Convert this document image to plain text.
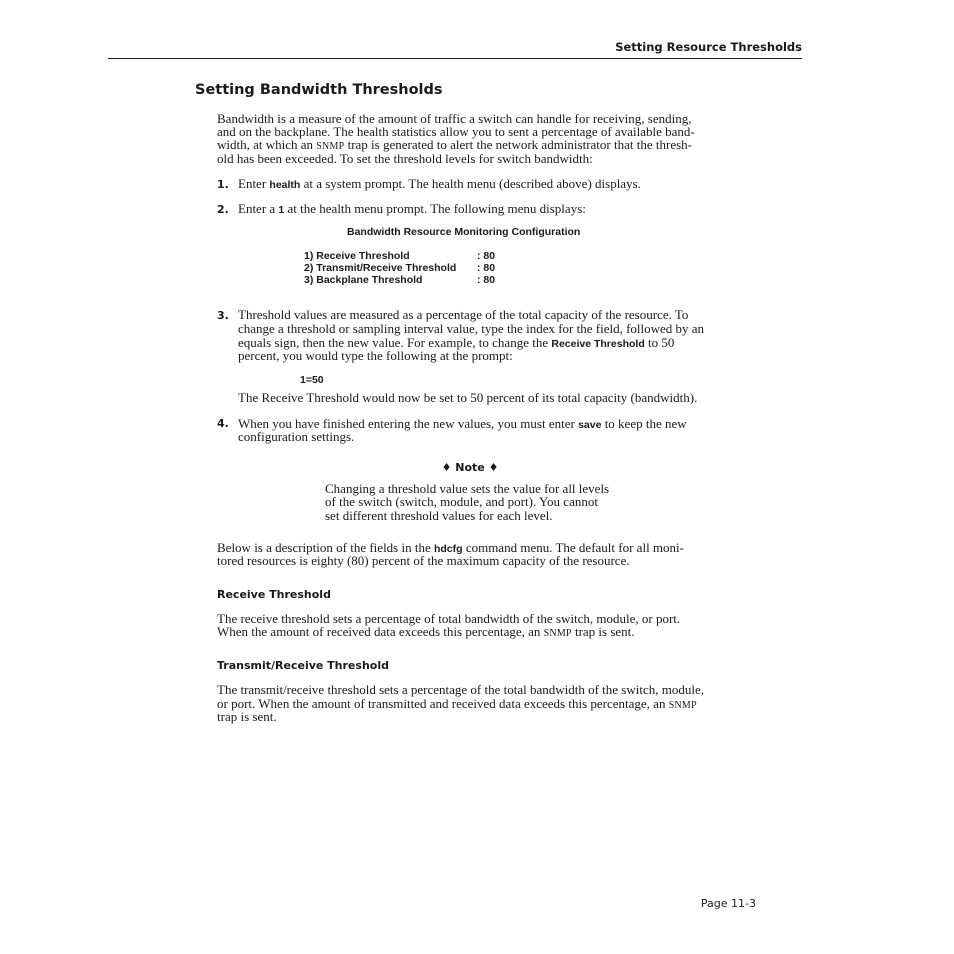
Setting Resource Thresholds
Setting Bandwidth Thresholds
Bandwidth is a measure of the amount of traffic a switch can handle for receiving, sending,
and on the backplane. The health statistics allow you to sent a percentage of available band-
width, at which an SNMP trap is generated to alert the network administrator that the thresh-
old has been exceeded. To set the threshold levels for switch bandwidth:
1. Enter health at a system prompt. The health menu (described above) displays.
2. Enter a 1 at the health menu prompt. The following menu displays:
Bandwidth Resource Monitoring Configuration
1) Receive Threshold	: 80
2) Transmit/Receive Threshold : 80
3) Backplane Threshold	: 80
3. Threshold values are measured as a percentage of the total capacity of the resource. To
change a threshold or sampling interval value, type the index for the field, followed by an
equals sign, then the new value. For example, to change the Receive Threshold to 50
percent, you would type the following at the prompt:
1=50
The Receive Threshold would now be set to 50 percent of its total capacity (bandwidth).
4. When you have finished entering the new values, you must enter save to keep the new
configuration settings.
♦ Note ♦
Changing a threshold value sets the value for all levels
of the switch (switch, module, and port). You cannot
set different threshold values for each level.
Below is a description of the fields in the hdcfg command menu. The default for all moni-
tored resources is eighty (80) percent of the maximum capacity of the resource.
Receive Threshold
The receive threshold sets a percentage of total bandwidth of the switch, module, or port.
When the amount of received data exceeds this percentage, an SNMP trap is sent.
Transmit/Receive Threshold
The transmit/receive threshold sets a percentage of the total bandwidth of the switch, module,
or port. When the amount of transmitted and received data exceeds this percentage, an SNMP
trap is sent.
Page 11-3
